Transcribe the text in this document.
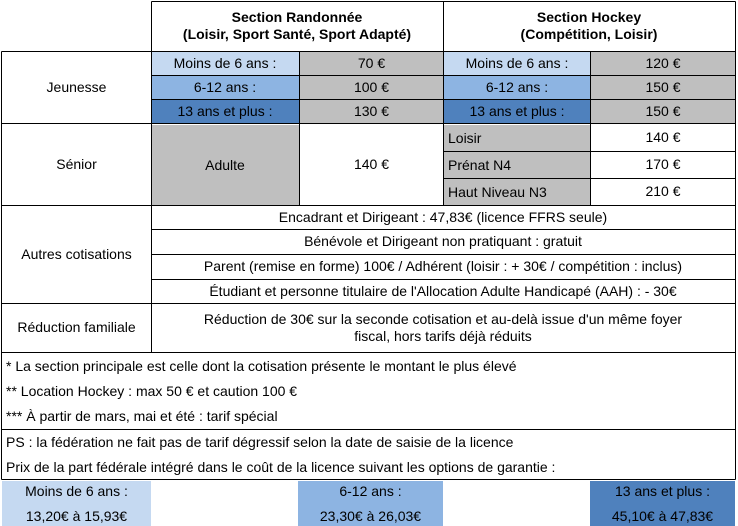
Section Randonnée
(Loisir, Sport Santé, Sport Adapté)
Section Hockey
(Compétition, Loisir)
Jeunesse
Moins de 6 ans :	70 €	Moins de 6 ans :	120 €
6-12 ans :	100 €	6-12 ans :	150 €
13 ans et plus :	130 €	13 ans et plus :	150 €
Sénior	Adulte	140 €
Loisir	140 €
Prénat N4	170 €
Haut Niveau N3	210 €
Autres cotisations
Encadrant et Dirigeant : 47,83€ (licence FFRS seule)
Bénévole et Dirigeant non pratiquant : gratuit
Parent (remise en forme) 100€ / Adhérent (loisir : + 30€ / compétition : inclus)
Étudiant et personne titulaire de l'Allocation Adulte Handicapé (AAH) : - 30€
Réduction familiale
Réduction de 30€ sur la seconde cotisation et au-delà issue d'un même foyer
fiscal, hors tarifs déjà réduits
* La section principale est celle dont la cotisation présente le montant le plus élevé
** Location Hockey : max 50 € et caution 100 €
*** À partir de mars, mai et été : tarif spécial
PS : la fédération ne fait pas de tarif dégressif selon la date de saisie de la licence
Prix de la part fédérale intégré dans le coût de la licence suivant les options de garantie :
Moins de 6 ans :
13,20€ à 15,93€
6-12 ans :
23,30€ à 26,03€
13 ans et plus :
45,10€ à 47,83€
